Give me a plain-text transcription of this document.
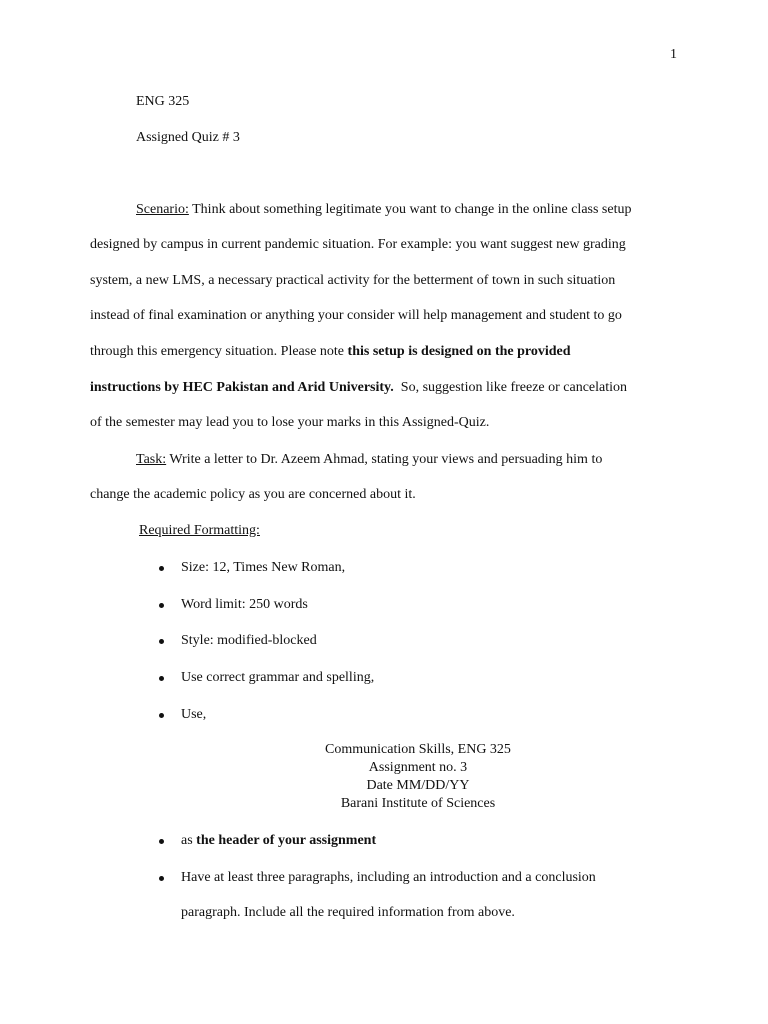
1
ENG 325
Assigned Quiz # 3
Scenario: Think about something legitimate you want to change in the online class setup
designed by campus in current pandemic situation. For example: you want suggest new grading
system, a new LMS, a necessary practical activity for the betterment of town in such situation
instead of final examination or anything your consider will help management and student to go
through this emergency situation. Please note this setup is designed on the provided
instructions by HEC Pakistan and Arid University.  So, suggestion like freeze or cancelation
of the semester may lead you to lose your marks in this Assigned-Quiz.
Task: Write a letter to Dr. Azeem Ahmad, stating your views and persuading him to
change the academic policy as you are concerned about it.
Required Formatting:
Size: 12, Times New Roman,
Word limit: 250 words
Style: modified-blocked
Use correct grammar and spelling,
Use,
Communication Skills, ENG 325
Assignment no. 3
Date MM/DD/YY
Barani Institute of Sciences
as the header of your assignment
Have at least three paragraphs, including an introduction and a conclusion
paragraph. Include all the required information from above.
